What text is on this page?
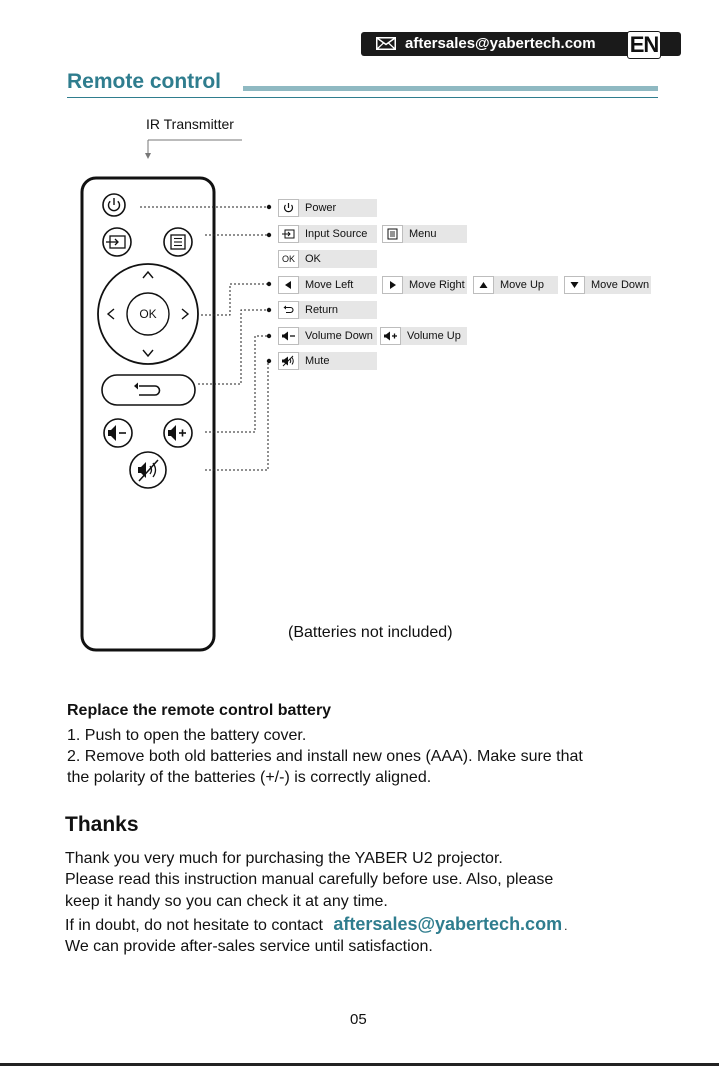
aftersales@yabertech.com EN
Remote control
IR Transmitter
OK
Power
Input Source	Menu
OK OK
Move Left	Move Right	Move Up	Move Down
Return
Volume Down	Volume Up
Mute
(Batteries not included)
Replace the remote control battery
1. Push to open the battery cover.
2. Remove both old batteries and install new ones (AAA). Make sure that
the polarity of the batteries (+/-) is correctly aligned.
Thanks
Thank you very much for purchasing the YABER U2 projector.
Please read this instruction manual carefully before use. Also, please
keep it handy so you can check it at any time.
If in doubt, do not hesitate to contact aftersales@yabertech.com .
We can provide after-sales service until satisfaction.
05
